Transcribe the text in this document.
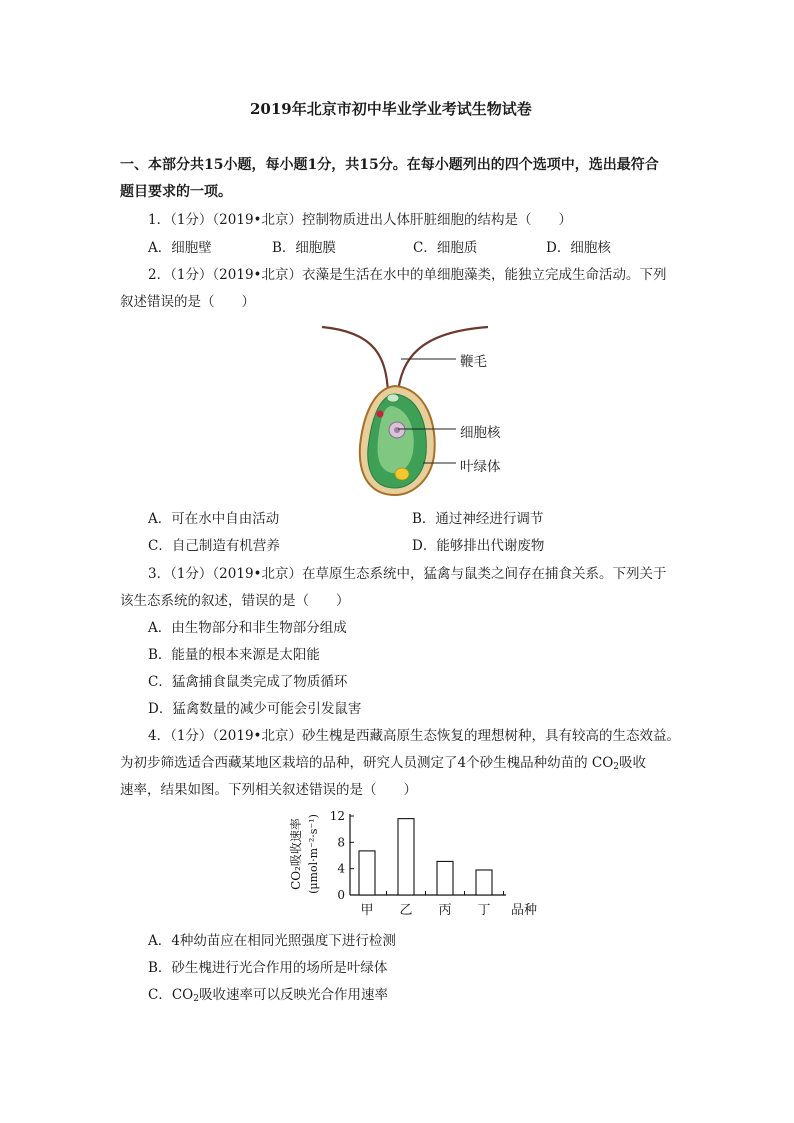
2019年北京市初中毕业学业考试生物试卷
一、本部分共15小题，每小题1分，共15分。在每小题列出的四个选项中，选出最符合
题目要求的一项。
1．（1分）（2019•北京）控制物质进出人体肝脏细胞的结构是（　　）
A．细胞壁	B．细胞膜	C．细胞质	D．细胞核
2．（1分）（2019•北京）衣藻是生活在水中的单细胞藻类，能独立完成生命活动。下列
叙述错误的是（　　）
鞭毛
细胞核
叶绿体
A．可在水中自由活动	B．通过神经进行调节
C．自己制造有机营养	D．能够排出代谢废物
3．（1分）（2019•北京）在草原生态系统中，猛禽与鼠类之间存在捕食关系。下列关于
该生态系统的叙述，错误的是（　　）
A．由生物部分和非生物部分组成
B．能量的根本来源是太阳能
C．猛禽捕食鼠类完成了物质循环
D．猛禽数量的减少可能会引发鼠害
4．（1分）（2019•北京）砂生槐是西藏高原生态恢复的理想树种，具有较高的生态效益。
为初步筛选适合西藏某地区栽培的品种，研究人员测定了4个砂生槐品种幼苗的 $CO_2$吸收
速率，结果如图。下列相关叙述错误的是（　　）
CO₂吸收速率 (μmol·m⁻²·s⁻¹)
0
4
8
12
甲 乙 丙 丁 品种
A．4种幼苗应在相同光照强度下进行检测
B．砂生槐进行光合作用的场所是叶绿体
C．$CO_2$吸收速率可以反映光合作用速率
